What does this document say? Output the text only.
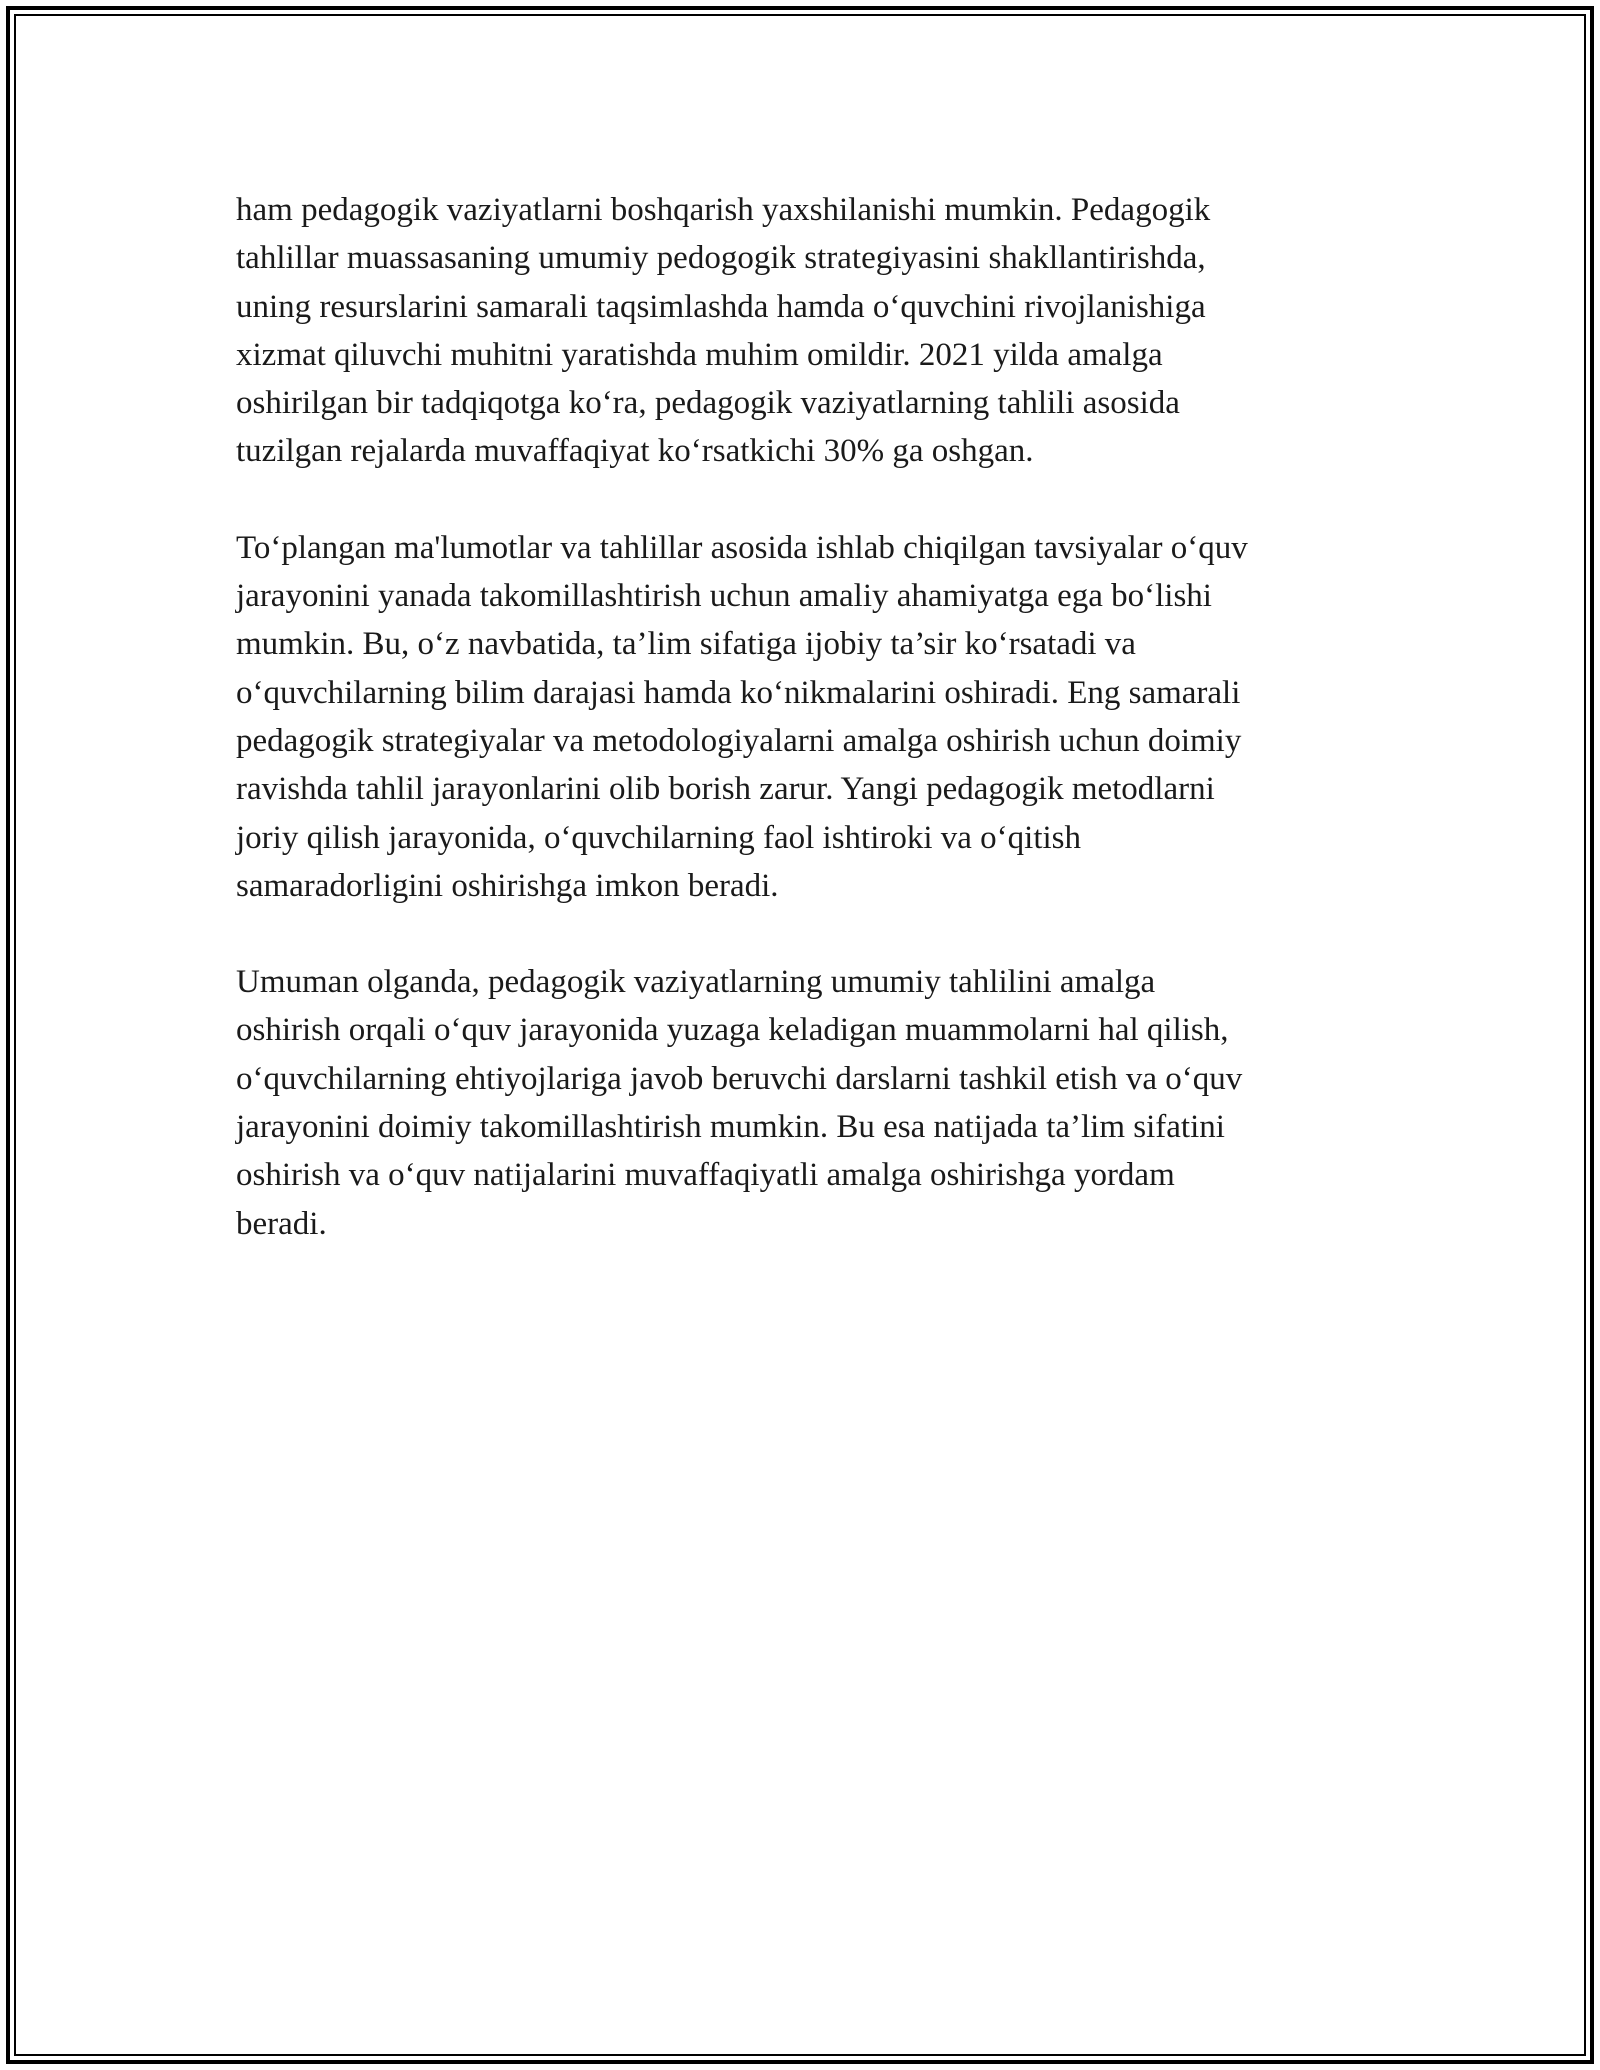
ham pedagogik vaziyatlarni boshqarish yaxshilanishi mumkin. Pedagogik
tahlillar muassasaning umumiy pedogogik strategiyasini shakllantirishda,
uning resurslarini samarali taqsimlashda hamda o‘quvchini rivojlanishiga
xizmat qiluvchi muhitni yaratishda muhim omildir. 2021 yilda amalga
oshirilgan bir tadqiqotga ko‘ra, pedagogik vaziyatlarning tahlili asosida
tuzilgan rejalarda muvaffaqiyat ko‘rsatkichi 30% ga oshgan.

To‘plangan ma'lumotlar va tahlillar asosida ishlab chiqilgan tavsiyalar o‘quv
jarayonini yanada takomillashtirish uchun amaliy ahamiyatga ega bo‘lishi
mumkin. Bu, o‘z navbatida, ta’lim sifatiga ijobiy ta’sir ko‘rsatadi va
o‘quvchilarning bilim darajasi hamda ko‘nikmalarini oshiradi. Eng samarali
pedagogik strategiyalar va metodologiyalarni amalga oshirish uchun doimiy
ravishda tahlil jarayonlarini olib borish zarur. Yangi pedagogik metodlarni
joriy qilish jarayonida, o‘quvchilarning faol ishtiroki va o‘qitish
samaradorligini oshirishga imkon beradi.

Umuman olganda, pedagogik vaziyatlarning umumiy tahlilini amalga
oshirish orqali o‘quv jarayonida yuzaga keladigan muammolarni hal qilish,
o‘quvchilarning ehtiyojlariga javob beruvchi darslarni tashkil etish va o‘quv
jarayonini doimiy takomillashtirish mumkin. Bu esa natijada ta’lim sifatini
oshirish va o‘quv natijalarini muvaffaqiyatli amalga oshirishga yordam
beradi.
